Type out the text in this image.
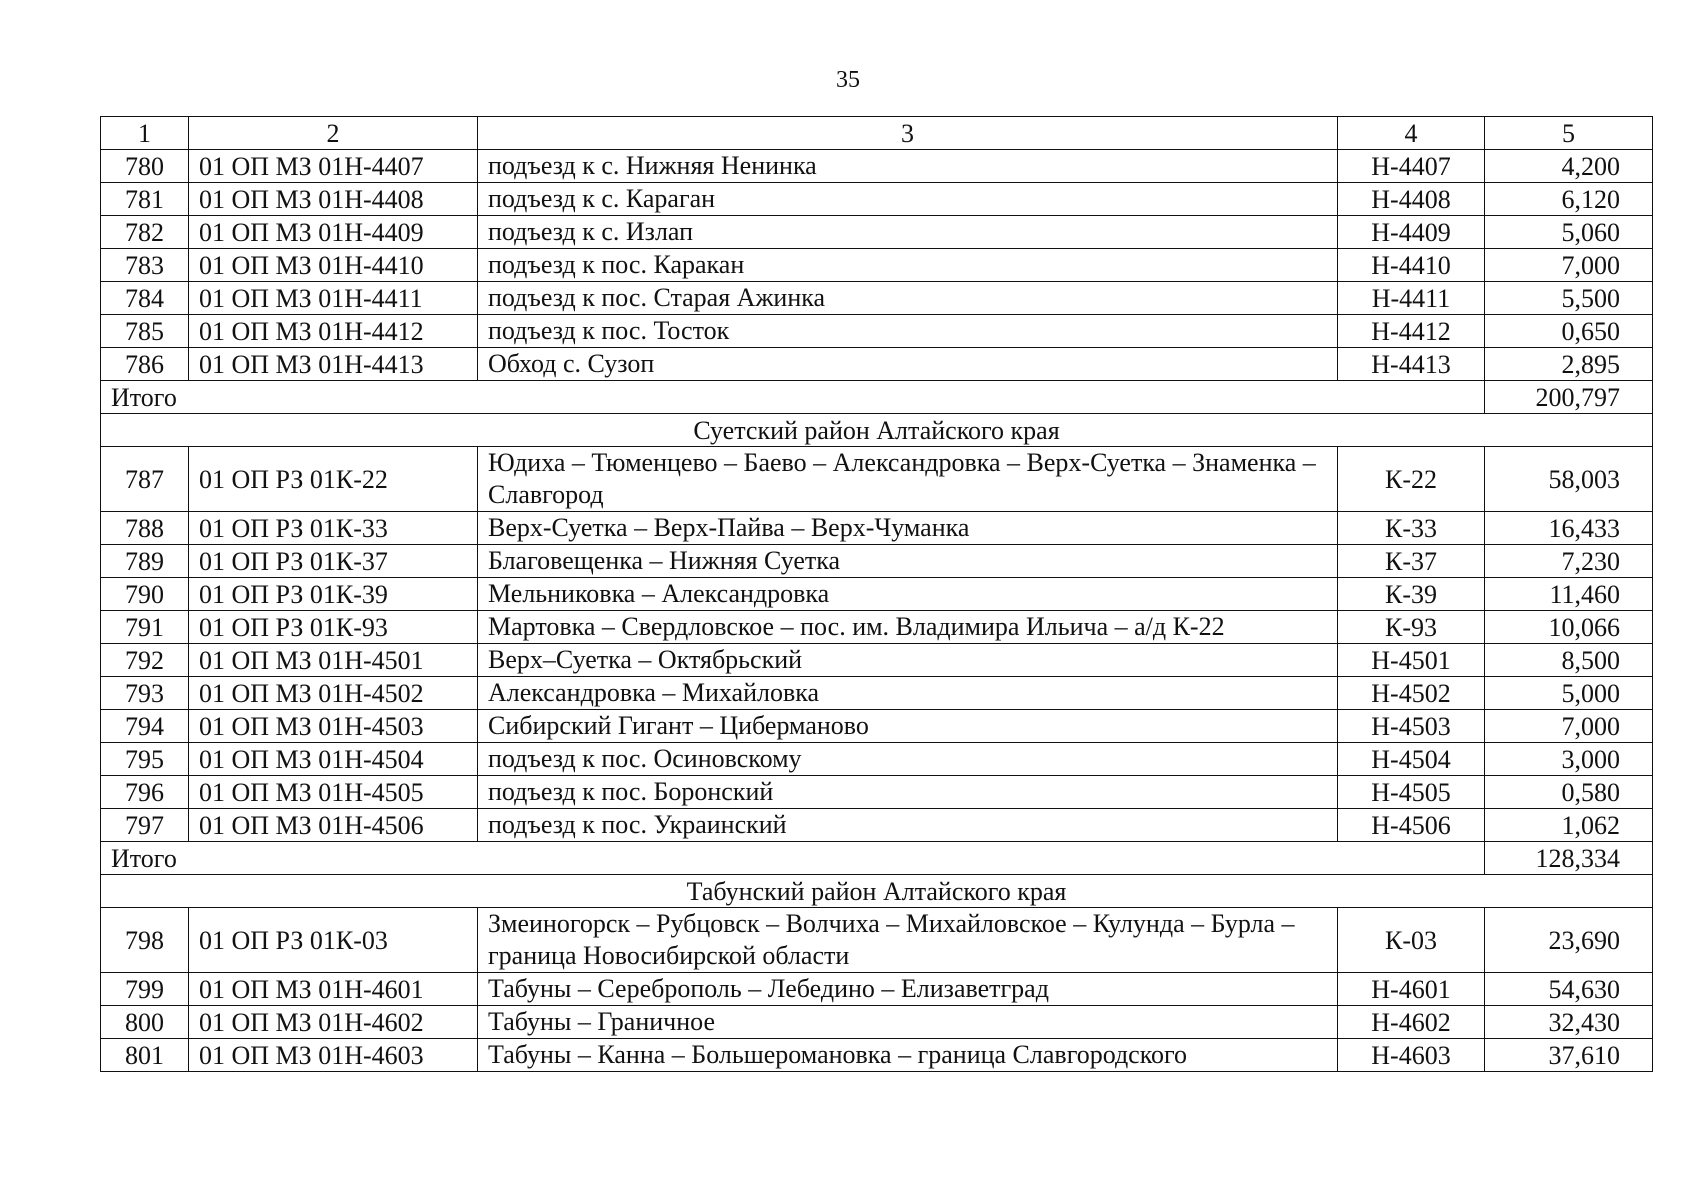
35
1	2	3	4	5
780	01 ОП МЗ 01Н-4407	подъезд к с. Нижняя Ненинка	Н-4407	4,200
781	01 ОП МЗ 01Н-4408	подъезд к с. Караган	Н-4408	6,120
782	01 ОП МЗ 01Н-4409	подъезд к с. Излап	Н-4409	5,060
783	01 ОП МЗ 01Н-4410	подъезд к пос. Каракан	Н-4410	7,000
784	01 ОП МЗ 01Н-4411	подъезд к пос. Старая Ажинка	Н-4411	5,500
785	01 ОП МЗ 01Н-4412	подъезд к пос. Тосток	Н-4412	0,650
786	01 ОП МЗ 01Н-4413	Обход с. Сузоп	Н-4413	2,895
Итого				200,797
Суетский район Алтайского края				
787	01 ОП РЗ 01К-22	Юдиха – Тюменцево – Баево – Александровка – Верх-Суетка – Знаменка – Славгород	К-22	58,003
788	01 ОП РЗ 01К-33	Верх-Суетка – Верх-Пайва – Верх-Чуманка	К-33	16,433
789	01 ОП РЗ 01К-37	Благовещенка – Нижняя Суетка	К-37	7,230
790	01 ОП РЗ 01К-39	Мельниковка – Александровка	К-39	11,460
791	01 ОП РЗ 01К-93	Мартовка – Свердловское – пос. им. Владимира Ильича – а/д К-22	К-93	10,066
792	01 ОП МЗ 01Н-4501	Верх–Суетка – Октябрьский	Н-4501	8,500
793	01 ОП МЗ 01Н-4502	Александровка – Михайловка	Н-4502	5,000
794	01 ОП МЗ 01Н-4503	Сибирский Гигант – Циберманово	Н-4503	7,000
795	01 ОП МЗ 01Н-4504	подъезд к пос. Осиновскому	Н-4504	3,000
796	01 ОП МЗ 01Н-4505	подъезд к пос. Боронский	Н-4505	0,580
797	01 ОП МЗ 01Н-4506	подъезд к пос. Украинский	Н-4506	1,062
Итого				128,334
Табунский район Алтайского края				
798	01 ОП РЗ 01К-03	Змеиногорск – Рубцовск – Волчиха – Михайловское – Кулунда – Бурла – граница Новосибирской области	К-03	23,690
799	01 ОП МЗ 01Н-4601	Табуны – Сереброполь – Лебедино – Елизаветград	Н-4601	54,630
800	01 ОП МЗ 01Н-4602	Табуны – Граничное	Н-4602	32,430
801	01 ОП МЗ 01Н-4603	Табуны – Канна – Большеромановка – граница Славгородского	Н-4603	37,610
